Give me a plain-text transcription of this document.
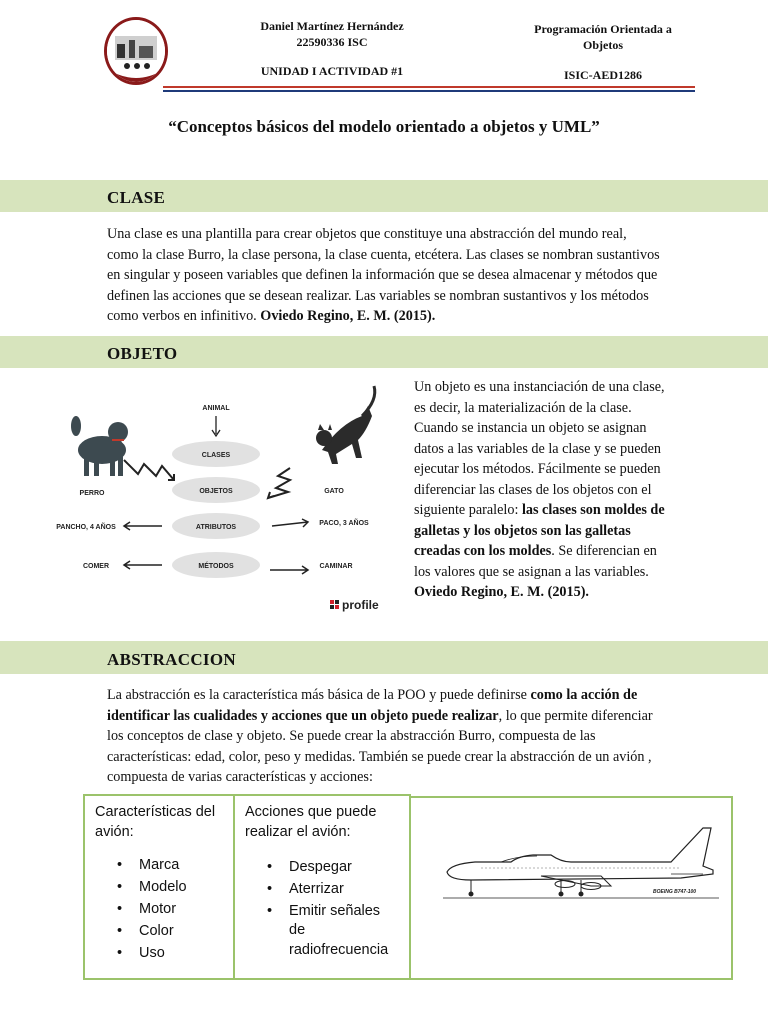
Daniel Martínez Hernández
22590336 ISC
UNIDAD I ACTIVIDAD #1
Programación Orientada a
Objetos
ISIC-AED1286
“Conceptos básicos del modelo orientado a objetos y UML”
CLASE
Una clase es una plantilla para crear objetos que constituye una abstracción del mundo real,
como la clase Burro, la clase persona, la clase cuenta, etcétera. Las clases se nombran sustantivos
en singular y poseen variables que definen la información que se desea almacenar y métodos que
definen las acciones que se desean realizar. Las variables se nombran sustantivos y los métodos
como verbos en infinitivo. Oviedo Regino, E. M. (2015).
OBJETO
ANIMAL
CLASES
OBJETOS
ATRIBUTOS
MÉTODOS
PERRO	GATO
PANCHO, 4 AÑOS
PACO, 3 AÑOS
COMER	CAMINAR
profile
Un objeto es una instanciación de una clase,
es decir, la materialización de la clase.
Cuando se instancia un objeto se asignan
datos a las variables de la clase y se pueden
ejecutar los métodos. Fácilmente se pueden
diferenciar las clases de los objetos con el
siguiente paralelo: las clases son moldes de
galletas y los objetos son las galletas
creadas con los moldes. Se diferencian en
los valores que se asignan a las variables.
Oviedo Regino, E. M. (2015).
ABSTRACCION
La abstracción es la característica más básica de la POO y puede definirse como la acción de
identificar las cualidades y acciones que un objeto puede realizar, lo que permite diferenciar
los conceptos de clase y objeto. Se puede crear la abstracción Burro, compuesta de las
características: edad, color, peso y medidas. También se puede crear la abstracción de un avión ,
compuesta de varias características y acciones:
Características del
avión:
• Marca
• Modelo
• Motor
• Color
• Uso
Acciones que puede
realizar el avión:
• Despegar
• Aterrizar
• Emitir señales
de
radiofrecuencia
BOEING B747-100
